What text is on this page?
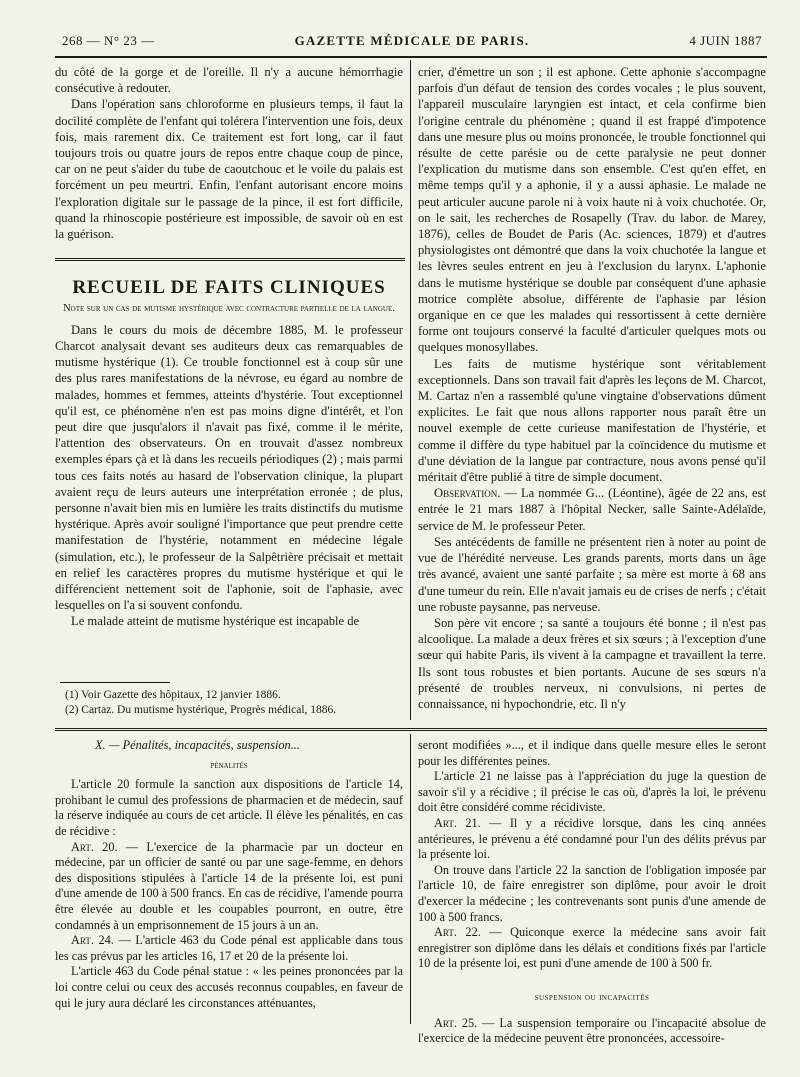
268 — N° 23 —	GAZETTE MÉDICALE DE PARIS.	4 JUIN 1887

du côté de la gorge et de l'oreille. Il n'y a aucune hémorrhagie consécutive à redouter.

Dans l'opération sans chloroforme en plusieurs temps, il faut la docilité complète de l'enfant qui tolérera l'intervention une fois, deux fois, mais rarement dix. Ce traitement est fort long, car il faut toujours trois ou quatre jours de repos entre chaque coup de pince, car on ne peut s'aider du tube de caoutchouc et le voile du palais est forcément un peu meurtri. Enfin, l'enfant autorisant encore moins l'exploration digitale sur le passage de la pince, il est fort difficile, quand la rhinoscopie postérieure est impossible, de savoir où en est la guérison.

RECUEIL DE FAITS CLINIQUES
Note sur un cas de mutisme hystérique avec contracture partielle de la langue.

Dans le cours du mois de décembre 1885, M. le professeur Charcot analysait devant ses auditeurs deux cas remarquables de mutisme hystérique (1). Ce trouble fonctionnel est à coup sûr une des plus rares manifestations de la névrose, eu égard au nombre de malades, hommes et femmes, atteints d'hystérie. Tout exceptionnel qu'il est, ce phénomène n'en est pas moins digne d'intérêt, et l'on peut dire que jusqu'alors il n'avait pas fixé, comme il le mérite, l'attention des observateurs. On en trouvait d'assez nombreux exemples épars çà et là dans les recueils périodiques (2) ; mais parmi tous ces faits notés au hasard de l'observation clinique, la plupart avaient reçu de leurs auteurs une interprétation erronée ; de plus, personne n'avait bien mis en lumière les traits distinctifs du mutisme hystérique. Après avoir souligné l'importance que peut prendre cette manifestation de l'hystérie, notamment en médecine légale (simulation, etc.), le professeur de la Salpêtrière précisait et mettait en relief les caractères propres du mutisme hystérique et qui le différencient nettement soit de l'aphonie, soit de l'aphasie, avec lesquelles on l'a si souvent confondu.

Le malade atteint de mutisme hystérique est incapable de

(1) Voir Gazette des hôpitaux, 12 janvier 1886.

(2) Cartaz. Du mutisme hystérique, Progrès médical, 1886.

crier, d'émettre un son ; il est aphone. Cette aphonie s'accompagne parfois d'un défaut de tension des cordes vocales ; le plus souvent, l'appareil musculaire laryngien est intact, et cela confirme bien l'origine centrale du phénomène ; quand il est frappé d'impotence dans une mesure plus ou moins prononcée, le trouble fonctionnel qui résulte de cette parésie ou de cette paralysie ne peut donner l'explication du mutisme dans son ensemble. C'est qu'en effet, en même temps qu'il y a aphonie, il y a aussi aphasie. Le malade ne peut articuler aucune parole ni à voix haute ni à voix chuchotée. Or, on le sait, les recherches de Rosapelly (Trav. du labor. de Marey, 1876), celles de Boudet de Paris (Ac. sciences, 1879) et d'autres physiologistes ont démontré que dans la voix chuchotée la langue et les lèvres seules entrent en jeu à l'exclusion du larynx. L'aphonie dans le mutisme hystérique se double par conséquent d'une aphasie motrice complète absolue, différente de l'aphasie par lésion organique en ce que les malades qui ressortissent à cette dernière forme ont toujours conservé la faculté d'articuler quelques mots ou quelques monosyllabes.

Les faits de mutisme hystérique sont véritablement exceptionnels. Dans son travail fait d'après les leçons de M. Charcot, M. Cartaz n'en a rassemblé qu'une vingtaine d'observations dûment explicites. Le fait que nous allons rapporter nous paraît être un nouvel exemple de cette curieuse manifestation de l'hystérie, et comme il diffère du type habituel par la coïncidence du mutisme et d'une déviation de la langue par contracture, nous avons pensé qu'il méritait d'être publié à titre de simple document.

Observation. — La nommée G... (Léontine), âgée de 22 ans, est entrée le 21 mars 1887 à l'hôpital Necker, salle Sainte-Adélaïde, service de M. le professeur Peter.

Ses antécédents de famille ne présentent rien à noter au point de vue de l'hérédité nerveuse. Les grands parents, morts dans un âge très avancé, avaient une santé parfaite ; sa mère est morte à 68 ans d'une tumeur du rein. Elle n'avait jamais eu de crises de nerfs ; c'était une robuste paysanne, pas nerveuse.

Son père vit encore ; sa santé a toujours été bonne ; il n'est pas alcoolique. La malade a deux frères et six sœurs ; à l'exception d'une sœur qui habite Paris, ils vivent à la campagne et travaillent la terre. Ils sont tous robustes et bien portants. Aucune de ses sœurs n'a présenté de troubles nerveux, ni convulsions, ni pertes de connaissance, ni hypochondrie, etc. Il n'y

X. — Pénalités, incapacités, suspension...

pénalités

L'article 20 formule la sanction aux dispositions de l'article 14, prohibant le cumul des professions de pharmacien et de médecin, sauf la réserve indiquée au cours de cet article. Il élève les pénalités, en cas de récidive :

Art. 20. — L'exercice de la pharmacie par un docteur en médecine, par un officier de santé ou par une sage-femme, en dehors des dispositions stipulées à l'article 14 de la présente loi, est puni d'une amende de 100 à 500 francs. En cas de récidive, l'amende pourra être élevée au double et les coupables pourront, en outre, être condamnés à un emprisonnement de 15 jours à un an.

Art. 24. — L'article 463 du Code pénal est applicable dans tous les cas prévus par les articles 16, 17 et 20 de la présente loi.

L'article 463 du Code pénal statue : « les peines prononcées par la loi contre celui ou ceux des accusés reconnus coupables, en faveur de qui le jury aura déclaré les circonstances atténuantes,

seront modifiées »..., et il indique dans quelle mesure elles le seront pour les différentes peines.

L'article 21 ne laisse pas à l'appréciation du juge la question de savoir s'il y a récidive ; il précise le cas où, d'après la loi, le prévenu doit être considéré comme récidiviste.

Art. 21. — Il y a récidive lorsque, dans les cinq années antérieures, le prévenu a été condamné pour l'un des délits prévus par la présente loi.

On trouve dans l'article 22 la sanction de l'obligation imposée par l'article 10, de faire enregistrer son diplôme, pour avoir le droit d'exercer la médecine ; les contrevenants sont punis d'une amende de 100 à 500 francs.

Art. 22. — Quiconque exerce la médecine sans avoir fait enregistrer son diplôme dans les délais et conditions fixés par l'article 10 de la présente loi, est puni d'une amende de 100 à 500 fr.

suspension ou incapacités

Art. 25. — La suspension temporaire ou l'incapacité absolue de l'exercice de la médecine peuvent être prononcées, accessoire-
